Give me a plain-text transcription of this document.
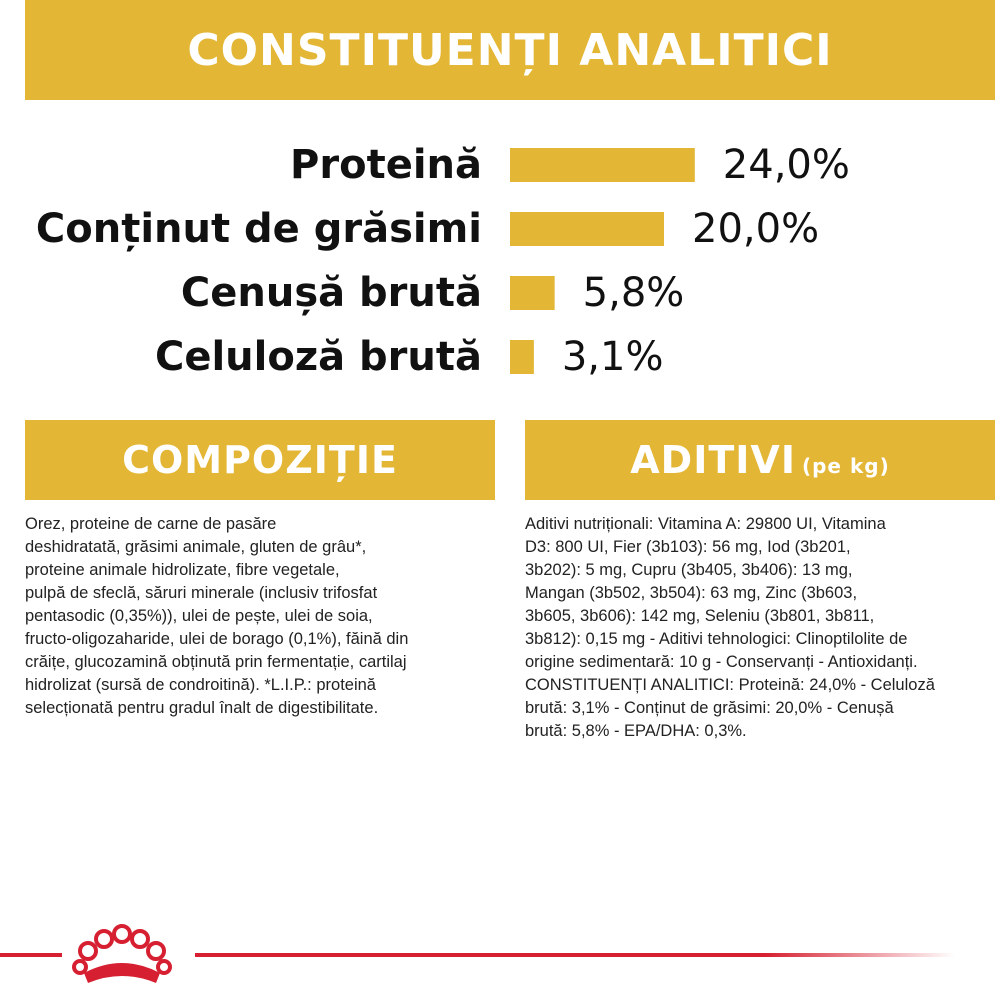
CONSTITUENȚI ANALITICI
Proteină	24,0%
Conținut de grăsimi	20,0%
Cenușă brută	5,8%
Celuloză brută 3,1%
COMPOZIȚIE	ADITIVI (pe kg)
Orez, proteine de carne de pasăre
deshidratată, grăsimi animale, gluten de grâu*,
proteine animale hidrolizate, fibre vegetale,
pulpă de sfeclă, săruri minerale (inclusiv trifosfat
pentasodic (0,35%)), ulei de pește, ulei de soia,
fructo-oligozaharide, ulei de borago (0,1%), făină din
crăițe, glucozamină obținută prin fermentație, cartilaj
hidrolizat (sursă de condroitină). *L.I.P.: proteină
selecționată pentru gradul înalt de digestibilitate.
Aditivi nutriționali: Vitamina A: 29800 UI, Vitamina
D3: 800 UI, Fier (3b103): 56 mg, Iod (3b201,
3b202): 5 mg, Cupru (3b405, 3b406): 13 mg,
Mangan (3b502, 3b504): 63 mg, Zinc (3b603,
3b605, 3b606): 142 mg, Seleniu (3b801, 3b811,
3b812): 0,15 mg - Aditivi tehnologici: Clinoptilolite de
origine sedimentară: 10 g - Conservanți - Antioxidanți.
CONSTITUENȚI ANALITICI: Proteină: 24,0% - Celuloză
brută: 3,1% - Conținut de grăsimi: 20,0% - Cenușă
brută: 5,8% - EPA/DHA: 0,3%.
